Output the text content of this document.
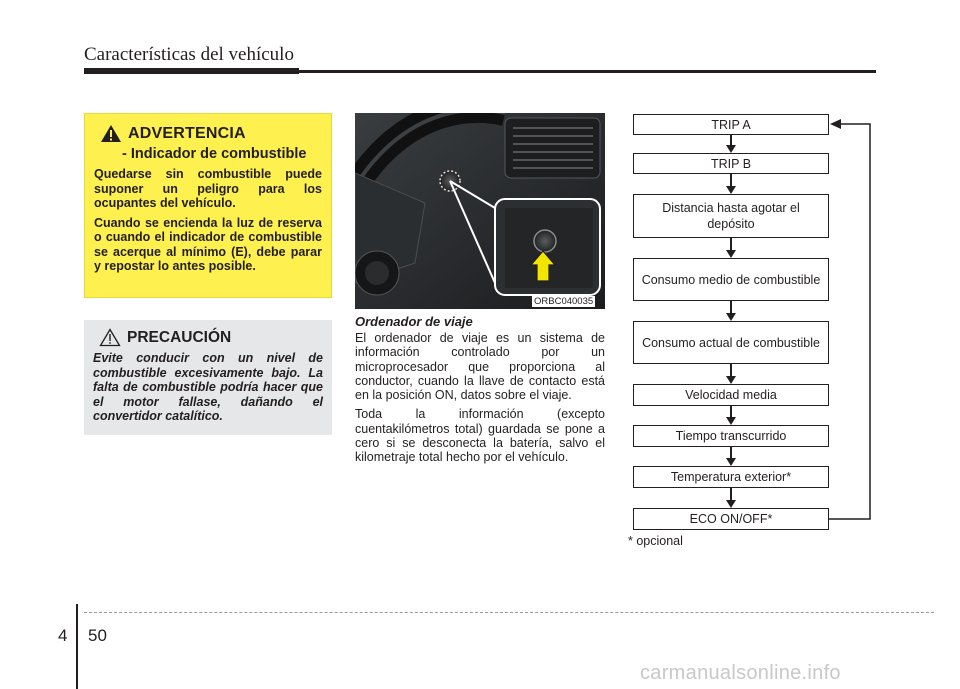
Características del vehículo
ADVERTENCIA
- Indicador de combustible

Quedarse sin combustible puede suponer un peligro para los ocupantes del vehículo.

Cuando se encienda la luz de reserva o cuando el indicador de combustible se acerque al mínimo (E), debe parar y repostar lo antes posible.

PRECAUCIÓN

Evite conducir con un nivel de combustible excesivamente bajo. La falta de combustible podría hacer que el motor fallase, dañando el convertidor catalítico.

ORBC040035
Ordenador de viaje

El ordenador de viaje es un sistema de información controlado por un microprocesador que proporciona al conductor, cuando la llave de contacto está en la posición ON, datos sobre el viaje.

Toda la información (excepto cuentakilómetros total) guardada se pone a cero si se desconecta la batería, salvo el kilometraje total hecho por el vehículo.

TRIP A
TRIP B
Distancia hasta agotar el depósito
Consumo medio de combustible
Consumo actual de combustible
Velocidad media
Tiempo transcurrido
Temperatura exterior*
ECO ON/OFF*
* opcional
4 50
carmanualsonline.info
